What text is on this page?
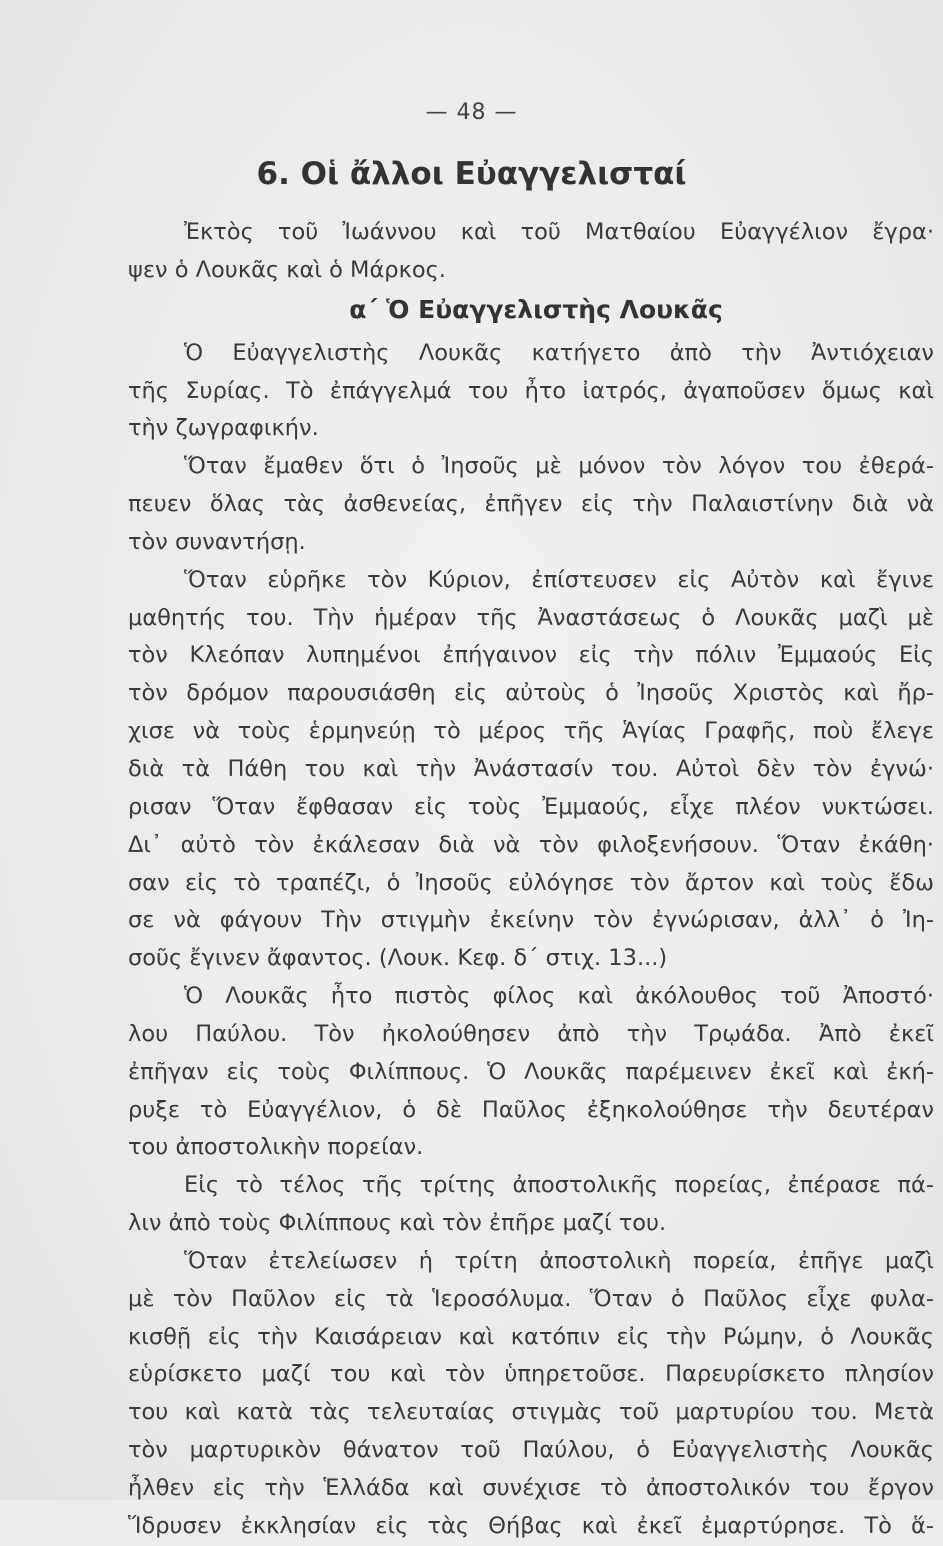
— 48 —
6. Οἱ ἄλλοι Εὐαγγελισταί
Ἐκτὸς τοῦ Ἰωάννου καὶ τοῦ Ματθαίου Εὐαγγέλιον ἔγρα·
ψεν ὁ Λουκᾶς καὶ ὁ Μάρκος.
α΄ Ὁ Εὐαγγελιστὴς Λουκᾶς
Ὁ Εὐαγγελιστὴς Λουκᾶς κατήγετο ἀπὸ τὴν Ἀντιόχειαν
τῆς Συρίας. Τὸ ἐπάγγελμά του ἦτο ἰατρός, ἀγαποῦσεν ὅμως καὶ
τὴν ζωγραφικήν.
Ὅταν ἔμαθεν ὅτι ὁ Ἰησοῦς μὲ μόνον τὸν λόγον του ἐθερά-
πευεν ὅλας τὰς ἀσθενείας, ἐπῆγεν εἰς τὴν Παλαιστίνην διὰ νὰ
τὸν συναντήσῃ.
Ὅταν εὑρῆκε τὸν Κύριον, ἐπίστευσεν εἰς Αὐτὸν καὶ ἔγινε
μαθητής του. Τὴν ἡμέραν τῆς Ἀναστάσεως ὁ Λουκᾶς μαζὶ μὲ
τὸν Κλεόπαν λυπημένοι ἐπήγαινον εἰς τὴν πόλιν Ἐμμαούς Εἰς
τὸν δρόμον παρουσιάσθη εἰς αὐτοὺς ὁ Ἰησοῦς Χριστὸς καὶ ἤρ-
χισε νὰ τοὺς ἑρμηνεύῃ τὸ μέρος τῆς Ἁγίας Γραφῆς, ποὺ ἔλεγε
διὰ τὰ Πάθη του καὶ τὴν Ἀνάστασίν του. Αὐτοὶ δὲν τὸν ἐγνώ·
ρισαν Ὅταν ἔφθασαν εἰς τοὺς Ἐμμαούς, εἶχε πλέον νυκτώσει.
Δι᾽ αὐτὸ τὸν ἐκάλεσαν διὰ νὰ τὸν φιλοξενήσουν. Ὅταν ἐκάθη·
σαν εἰς τὸ τραπέζι, ὁ Ἰησοῦς εὐλόγησε τὸν ἄρτον καὶ τοὺς ἔδω
σε νὰ φάγουν Τὴν στιγμὴν ἐκείνην τὸν ἐγνώρισαν, ἀλλ᾽ ὁ Ἰη-
σοῦς ἔγινεν ἄφαντος. (Λουκ. Κεφ. δ΄ στιχ. 13...)
Ὁ Λουκᾶς ἦτο πιστὸς φίλος καὶ ἀκόλουθος τοῦ Ἀποστό·
λου Παύλου. Τὸν ἠκολούθησεν ἀπὸ τὴν Τρῳάδα. Ἀπὸ ἐκεῖ
ἐπῆγαν εἰς τοὺς Φιλίππους. Ὁ Λουκᾶς παρέμεινεν ἐκεῖ καὶ ἐκή-
ρυξε τὸ Εὐαγγέλιον, ὁ δὲ Παῦλος ἐξηκολούθησε τὴν δευτέραν
του ἀποστολικὴν πορείαν.
Εἰς τὸ τέλος τῆς τρίτης ἀποστολικῆς πορείας, ἐπέρασε πά-
λιν ἀπὸ τοὺς Φιλίππους καὶ τὸν ἐπῆρε μαζί του.
Ὅταν ἐτελείωσεν ἡ τρίτη ἀποστολικὴ πορεία, ἐπῆγε μαζὶ
μὲ τὸν Παῦλον εἰς τὰ Ἱεροσόλυμα. Ὅταν ὁ Παῦλος εἶχε φυλα-
κισθῇ εἰς τὴν Καισάρειαν καὶ κατόπιν εἰς τὴν Ρώμην, ὁ Λουκᾶς
εὑρίσκετο μαζί του καὶ τὸν ὑπηρετοῦσε. Παρευρίσκετο πλησίον
του καὶ κατὰ τὰς τελευταίας στιγμὰς τοῦ μαρτυρίου του. Μετὰ
τὸν μαρτυρικὸν θάνατον τοῦ Παύλου, ὁ Εὐαγγελιστὴς Λουκᾶς
ἦλθεν εἰς τὴν Ἑλλάδα καὶ συνέχισε τὸ ἀποστολικόν του ἔργον
Ἵδρυσεν ἐκκλησίαν εἰς τὰς Θήβας καὶ ἐκεῖ ἐμαρτύρησε. Τὸ ἅ-
